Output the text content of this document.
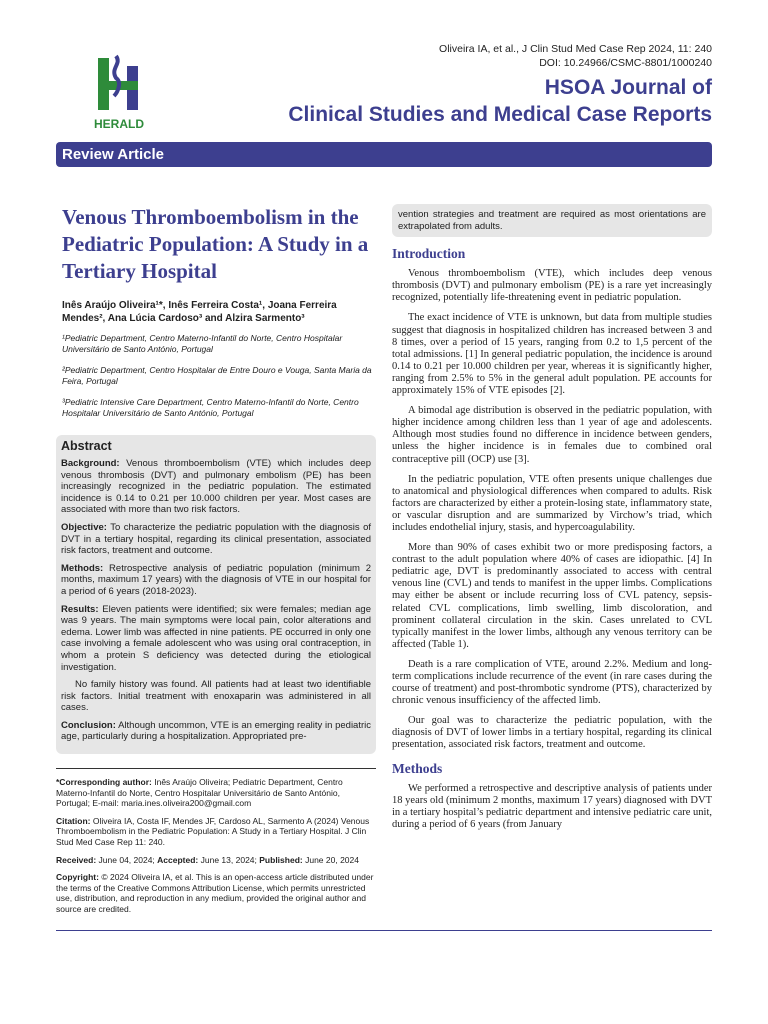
Oliveira IA, et al., J Clin Stud Med Case Rep 2024, 11: 240
DOI: 10.24966/CSMC-8801/1000240
HERALD
HSOA Journal of
Clinical Studies and Medical Case Reports
Review Article
Venous Thromboembolism in the Pediatric Population: A Study in a Tertiary Hospital
Inês Araújo Oliveira¹*, Inês Ferreira Costa¹, Joana Ferreira Mendes², Ana Lúcia Cardoso³ and Alzira Sarmento³
¹Pediatric Department, Centro Materno-Infantil do Norte, Centro Hospitalar Universitário de Santo António, Portugal
²Pediatric Department, Centro Hospitalar de Entre Douro e Vouga, Santa Maria da Feira, Portugal
³Pediatric Intensive Care Department, Centro Materno-Infantil do Norte, Centro Hospitalar Universitário de Santo António, Portugal
Abstract

Background: Venous thromboembolism (VTE) which includes deep venous thrombosis (DVT) and pulmonary embolism (PE) has been increasingly recognized in the pediatric population. The estimated incidence is 0.14 to 0.21 per 10.000 children per year. Most cases are associated with more than two risk factors.

Objective: To characterize the pediatric population with the diagnosis of DVT in a tertiary hospital, regarding its clinical presentation, associated risk factors, treatment and outcome.

Methods: Retrospective analysis of pediatric population (minimum 2 months, maximum 17 years) with the diagnosis of VTE in our hospital for a period of 6 years (2018-2023).

Results: Eleven patients were identified; six were females; median age was 9 years. The main symptoms were local pain, color alterations and edema. Lower limb was affected in nine patients. PE occurred in only one case involving a female adolescent who was using oral contraception, in whom a protein S deficiency was detected during the etiological investigation.

No family history was found. All patients had at least two identifiable risk factors. Initial treatment with enoxaparin was administered in all cases.

Conclusion: Although uncommon, VTE is an emerging reality in pediatric age, particularly during a hospitalization. Appropriated pre-

*Corresponding author: Inês Araújo Oliveira; Pediatric Department, Centro Materno-Infantil do Norte, Centro Hospitalar Universitário de Santo António, Portugal; E-mail: maria.ines.oliveira200@gmail.com

Citation: Oliveira IA, Costa IF, Mendes JF, Cardoso AL, Sarmento A (2024) Venous Thromboembolism in the Pediatric Population: A Study in a Tertiary Hospital. J Clin Stud Med Case Rep 11: 240.

Received: June 04, 2024; Accepted: June 13, 2024; Published: June 20, 2024

Copyright: © 2024 Oliveira IA, et al. This is an open-access article distributed under the terms of the Creative Commons Attribution License, which permits unrestricted use, distribution, and reproduction in any medium, provided the original author and source are credited.

vention strategies and treatment are required as most orientations are extrapolated from adults.
Introduction

Venous thromboembolism (VTE), which includes deep venous thrombosis (DVT) and pulmonary embolism (PE) is a rare yet increasingly recognized, potentially life-threatening event in pediatric population.

The exact incidence of VTE is unknown, but data from multiple studies suggest that diagnosis in hospitalized children has increased between 3 and 8 times, over a period of 15 years, ranging from 0.2 to 1,5 percent of the total admissions. [1] In general pediatric population, the incidence is around 0.14 to 0.21 per 10.000 children per year, whereas it is significantly higher, ranging from 2.5% to 5% in the general adult population. PE accounts for approximately 15% of VTE episodes [2].

A bimodal age distribution is observed in the pediatric population, with higher incidence among children less than 1 year of age and adolescents. Although most studies found no difference in incidence between genders, unless the higher incidence is in females due to combined oral contraceptive pill (OCP) use [3].

In the pediatric population, VTE often presents unique challenges due to anatomical and physiological differences when compared to adults. Risk factors are characterized by either a protein-losing state, inflammatory state, or vascular disruption and are summarized by Virchow’s triad, which includes endothelial injury, stasis, and hypercoagulability.

More than 90% of cases exhibit two or more predisposing factors, a contrast to the adult population where 40% of cases are idiopathic. [4] In pediatric age, DVT is predominantly associated to access with central venous line (CVL) and tends to manifest in the upper limbs. Complications may either be absent or include recurring loss of CVL patency, sepsis-related CVL complications, limb swelling, limb discoloration, and prominent collateral circulation in the skin. Cases unrelated to CVL typically manifest in the lower limbs, although any venous territory can be affected (Table 1).

Death is a rare complication of VTE, around 2.2%. Medium and long-term complications include recurrence of the event (in rare cases during the course of treatment) and post-thrombotic syndrome (PTS), characterized by chronic venous insufficiency of the affected limb.

Our goal was to characterize the pediatric population, with the diagnosis of DVT of lower limbs in a tertiary hospital, regarding its clinical presentation, associated risk factors, treatment and outcome.

Methods

We performed a retrospective and descriptive analysis of patients under 18 years old (minimum 2 months, maximum 17 years) diagnosed with DVT in a tertiary hospital’s pediatric department and intensive pediatric care unit, during a period of 6 years (from January
